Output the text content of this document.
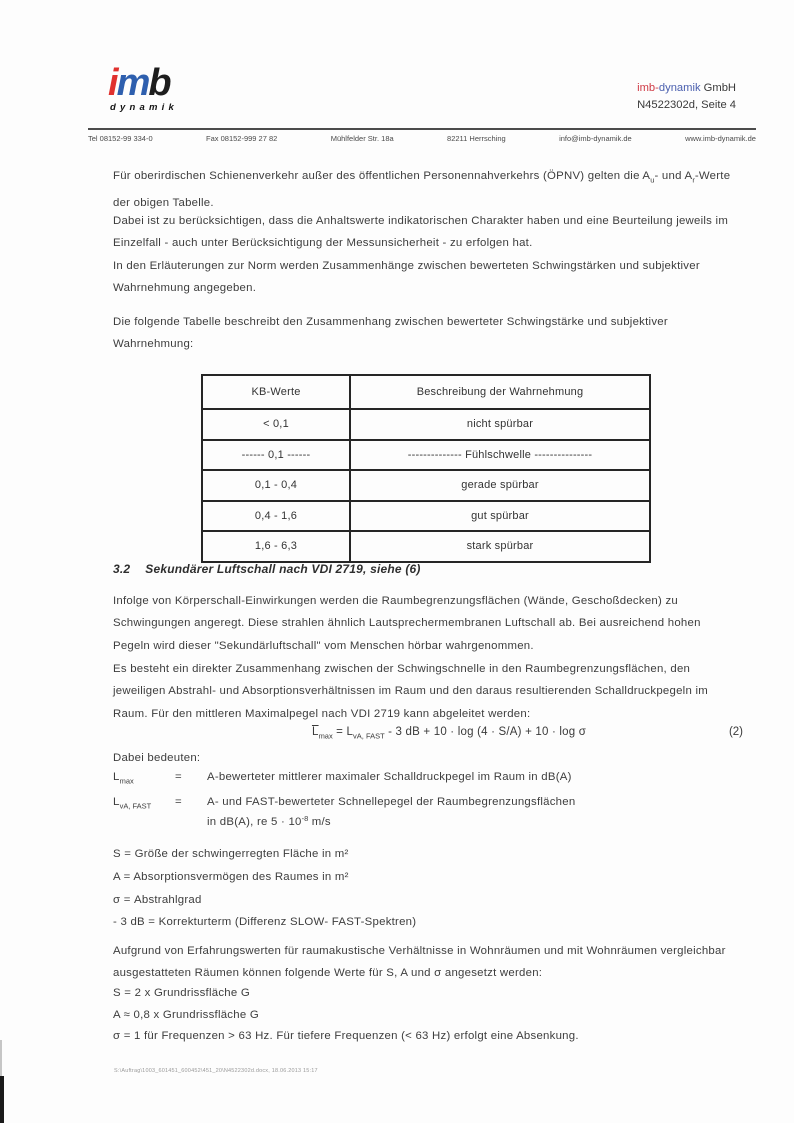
imb
dynamik
imb-dynamik GmbH
N4522302d, Seite 4
Tel 08152-99 334-0	Fax 08152-999 27 82	Mühlfelder Str. 18a	82211 Herrsching	info@imb-dynamik.de	www.imb-dynamik.de
Für oberirdischen Schienenverkehr außer des öffentlichen Personennahverkehrs (ÖPNV) gelten die $A_u-$ und $A_r$-Werte der obigen Tabelle.
Dabei ist zu berücksichtigen, dass die Anhaltswerte indikatorischen Charakter haben und eine Beurteilung jeweils im Einzelfall - auch unter Berücksichtigung der Messunsicherheit - zu erfolgen hat.
In den Erläuterungen zur Norm werden Zusammenhänge zwischen bewerteten Schwingstärken und subjektiver Wahrnehmung angegeben.
Die folgende Tabelle beschreibt den Zusammenhang zwischen bewerteter Schwingstärke und subjektiver Wahrnehmung:
KB-Werte	Beschreibung der Wahrnehmung
< 0,1	nicht spürbar
------ 0,1 ------	-------------- Fühlschwelle ---------------
0,1 - 0,4	gerade spürbar
0,4 - 1,6	gut spürbar
1,6 - 6,3	stark spürbar
3.2 Sekundärer Luftschall nach VDI 2719, siehe (6)
Infolge von Körperschall-Einwirkungen werden die Raumbegrenzungsflächen (Wände, Geschoßdecken) zu Schwingungen angeregt. Diese strahlen ähnlich Lautsprechermembranen Luftschall ab. Bei ausreichend hohen Pegeln wird dieser "Sekundärluftschall" vom Menschen hörbar wahrgenommen.
Es besteht ein direkter Zusammenhang zwischen der Schwingschnelle in den Raumbegrenzungsflächen, den jeweiligen Abstrahl- und Absorptionsverhältnissen im Raum und den daraus resultierenden Schalldruckpegeln im Raum. Für den mittleren Maximalpegel nach VDI 2719 kann abgeleitet werden:
$\overline{L}_{max} = L_{vA, FAST} - 3$ dB + 10 · log (4 · S/A) + 10 · log σ	(2)
Dabei bedeuten:
$L_{max}$	=	A-bewerteter mittlerer maximaler Schalldruckpegel im Raum in dB(A)
$L_{vA, FAST}$	=	A- und FAST-bewerteter Schnellepegel der Raumbegrenzungsflächen
in dB(A), re $5 \cdot 10^{-8}$ m/s
S = Größe der schwingerregten Fläche in m²
A = Absorptionsvermögen des Raumes in m²
σ = Abstrahlgrad
- 3 dB = Korrekturterm (Differenz SLOW- FAST-Spektren)
Aufgrund von Erfahrungswerten für raumakustische Verhältnisse in Wohnräumen und mit Wohnräumen vergleichbar ausgestatteten Räumen können folgende Werte für S, A und σ angesetzt werden:
S = 2 x Grundrissfläche G
A ≈ 0,8 x Grundrissfläche G
σ = 1 für Frequenzen > 63 Hz. Für tiefere Frequenzen (< 63 Hz) erfolgt eine Absenkung.
S:\Auftrag\1003_601451_600452\451_20\N4522302d.docx, 18.06.2013 15:17
